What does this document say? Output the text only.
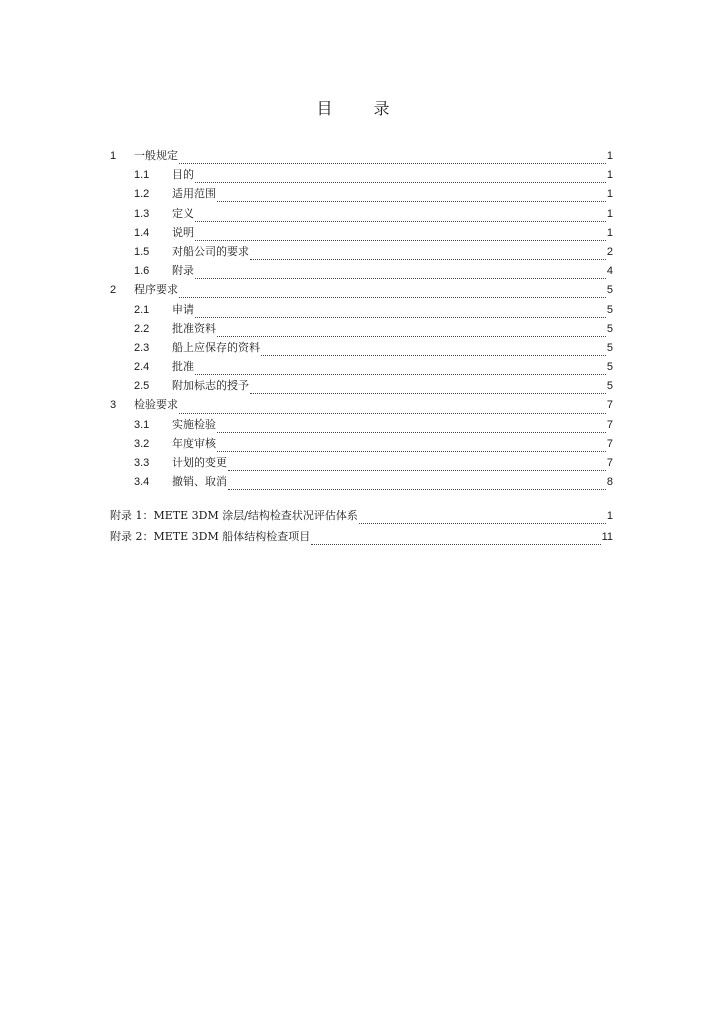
目 录
1	一般规定	1
1.1	目的	1
1.2	适用范围	1
1.3	定义	1
1.4	说明	1
1.5	对船公司的要求	2
1.6	附录	4
2	程序要求	5
2.1	申请	5
2.2	批准资料	5
2.3	船上应保存的资料	5
2.4	批准	5
2.5	附加标志的授予	5
3	检验要求	7
3.1	实施检验	7
3.2	年度审核	7
3.3	计划的变更	7
3.4	撤销、取消	8
附录 1：METE 3DM 涂层/结构检查状况评估体系	1
附录 2：METE 3DM 船体结构检查项目	11
